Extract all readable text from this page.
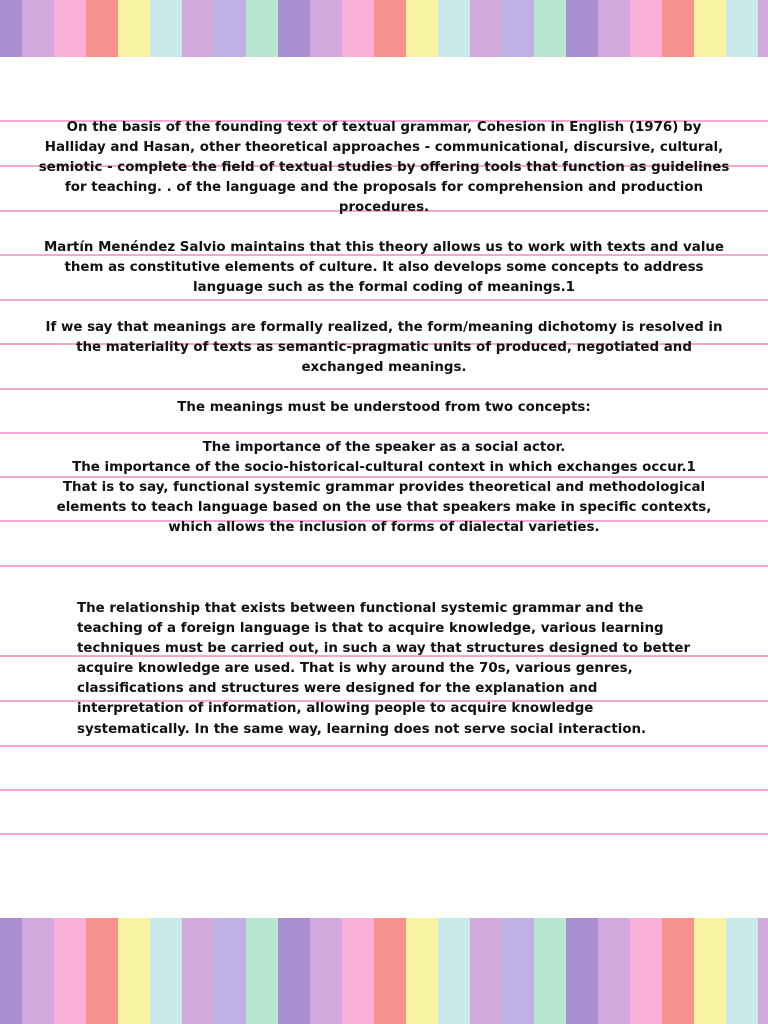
On the basis of the founding text of textual grammar, Cohesion in English (1976) by
Halliday and Hasan, other theoretical approaches - communicational, discursive, cultural,
semiotic - complete the field of textual studies by offering tools that function as guidelines
for teaching. . of the language and the proposals for comprehension and production
procedures.
Martín Menéndez Salvio maintains that this theory allows us to work with texts and value
them as constitutive elements of culture. It also develops some concepts to address
language such as the formal coding of meanings.1
If we say that meanings are formally realized, the form/meaning dichotomy is resolved in
the materiality of texts as semantic-pragmatic units of produced, negotiated and
exchanged meanings.
The meanings must be understood from two concepts:
The importance of the speaker as a social actor.
The importance of the socio-historical-cultural context in which exchanges occur.1
That is to say, functional systemic grammar provides theoretical and methodological
elements to teach language based on the use that speakers make in specific contexts,
which allows the inclusion of forms of dialectal varieties.
The relationship that exists between functional systemic grammar and the
teaching of a foreign language is that to acquire knowledge, various learning
techniques must be carried out, in such a way that structures designed to better
acquire knowledge are used. That is why around the 70s, various genres,
classifications and structures were designed for the explanation and
interpretation of information, allowing people to acquire knowledge
systematically. In the same way, learning does not serve social interaction.
